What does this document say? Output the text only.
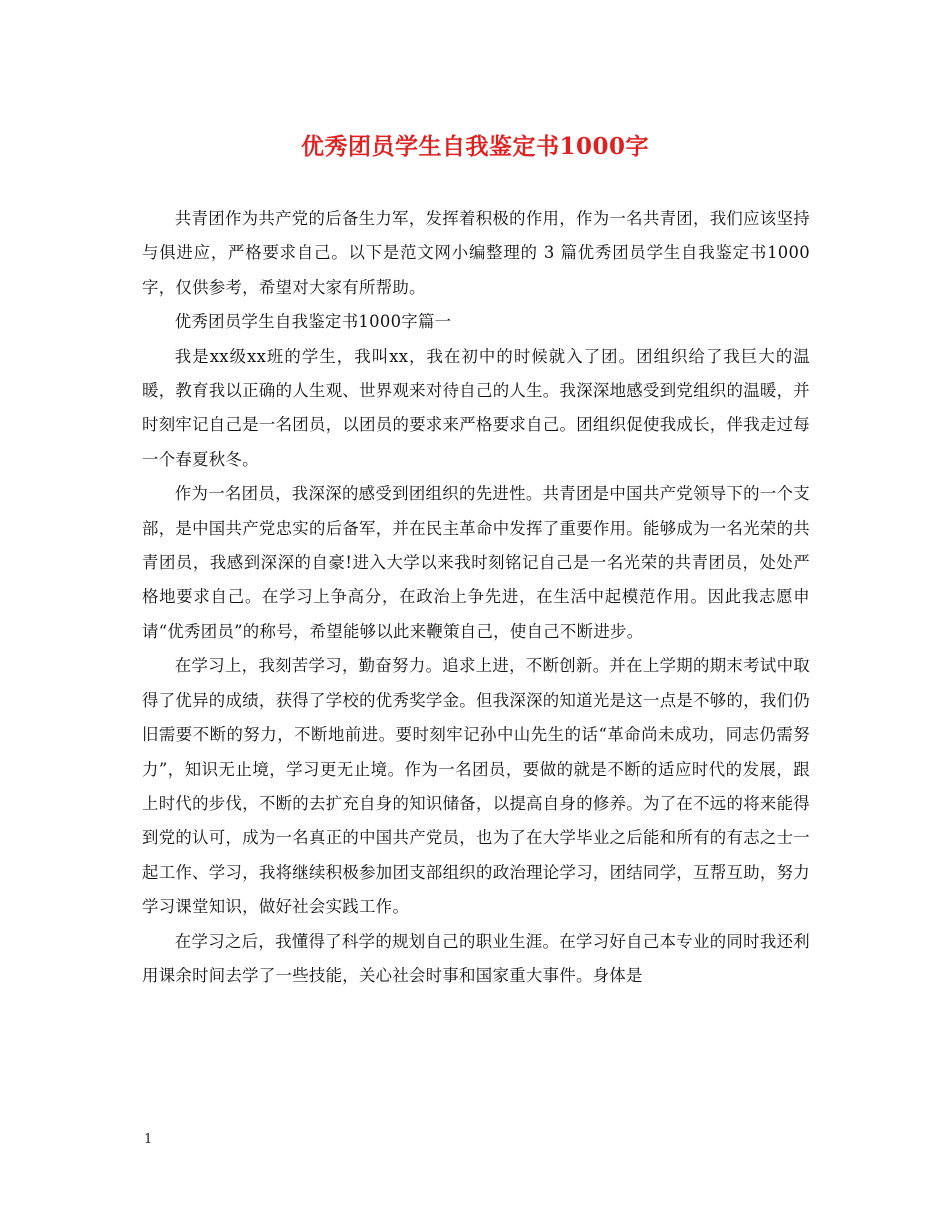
优秀团员学生自我鉴定书1000字

共青团作为共产党的后备生力军，发挥着积极的作用，作为一名共青团，我们应该坚持与俱进应，严格要求自己。以下是范文网小编整理的 3 篇优秀团员学生自我鉴定书1000字，仅供参考，希望对大家有所帮助。

优秀团员学生自我鉴定书1000字篇一

我是xx级xx班的学生，我叫xx，我在初中的时候就入了团。团组织给了我巨大的温暖，教育我以正确的人生观、世界观来对待自己的人生。我深深地感受到党组织的温暖，并时刻牢记自己是一名团员，以团员的要求来严格要求自己。团组织促使我成长，伴我走过每一个春夏秋冬。

作为一名团员，我深深的感受到团组织的先进性。共青团是中国共产党领导下的一个支部，是中国共产党忠实的后备军，并在民主革命中发挥了重要作用。能够成为一名光荣的共青团员，我感到深深的自豪!进入大学以来我时刻铭记自己是一名光荣的共青团员，处处严格地要求自己。在学习上争高分，在政治上争先进，在生活中起模范作用。因此我志愿申请“优秀团员”的称号，希望能够以此来鞭策自己，使自己不断进步。

在学习上，我刻苦学习，勤奋努力。追求上进，不断创新。并在上学期的期末考试中取得了优异的成绩，获得了学校的优秀奖学金。但我深深的知道光是这一点是不够的，我们仍旧需要不断的努力，不断地前进。要时刻牢记孙中山先生的话“革命尚未成功，同志仍需努力”，知识无止境，学习更无止境。作为一名团员，要做的就是不断的适应时代的发展，跟上时代的步伐，不断的去扩充自身的知识储备，以提高自身的修养。为了在不远的将来能得到党的认可，成为一名真正的中国共产党员，也为了在大学毕业之后能和所有的有志之士一起工作、学习，我将继续积极参加团支部组织的政治理论学习，团结同学，互帮互助，努力学习课堂知识，做好社会实践工作。

在学习之后，我懂得了科学的规划自己的职业生涯。在学习好自己本专业的同时我还利用课余时间去学了一些技能，关心社会时事和国家重大事件。身体是

1
